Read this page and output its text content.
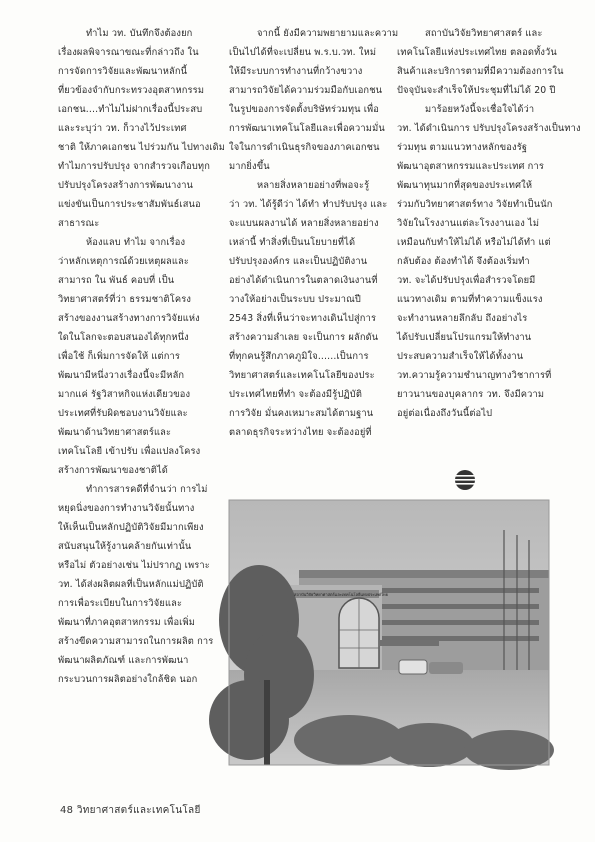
ทำไม วท. บันทึกจึงต้องยก
เรื่องผลพิจารณาขณะที่กล่าวถึง ใน
การจัดการวิจัยและพัฒนาหลักนี้
ที่ยวข้องจำกับกระทรวงอุตสาหกรรม
เอกชน....ทำไมไม่ฝากเรื่องนี้ประสบ
และระบุว่า วท. ก็วางไว้ประเทศ
ชาติ ให้ภาคเอกชน ไปร่วมกัน ไปทางเดิม
ทำไมการปรับปรุง จากสำรวจเกือบทุก
ปรับปรุงโครงสร้างการพัฒนางาน
แข่งขันเป็นการประชาสัมพันธ์เสนอ
สาธารณะ

ห้องแลบ ทำไม จากเรื่อง
ว่าหลักเหตุการณ์ด้วยเหตุผลและ
สามารถ ใน พันธ์ คอบที่ เป็น
วิทยาศาสตร์ที่ว่า ธรรมชาติโครง
สร้างของงานสร้างทางการวิจัยแห่ง
ใดในโลกจะตอบสนองได้ทุกหนึ่ง
เพื่อใช้ ก็เพิ่มการจัดให้ แต่การ
พัฒนามีหนึ่งวางเรื่องนี้จะมีหลัก
มากแค่ รัฐวิสาหกิจแห่งเดียวของ
ประเทศที่รับผิดชอบงานวิจัยและ
พัฒนาด้านวิทยาศาสตร์และ
เทคโนโลยี เข้าปรับ เพื่อแปลงโครง
สร้างการพัฒนาของชาติได้

ทำการสารคดีที่จำนว่า การไม่
หยุดนิ่งของการทำงานวิจัยนั้นทาง
ให้เห็นเป็นหลักปฏิบัติวิจัยมีมากเพียง
สนับสนุนให้รู้งานคล้ายกันเท่านั้น
หรือไม่ ตัวอย่างเช่น ไม่ปรากฏ เพราะ
วท. ได้ส่งผลิตผลที่เป็นหลักแม่ปฏิบัติ
การเพื่อระเบียบในการวิจัยและ
พัฒนาที่ภาคอุตสาหกรรม เพื่อเพิ่ม
สร้างขีดความสามารถในการผลิต การ
พัฒนาผลิตภัณฑ์ และการพัฒนา
กระบวนการผลิตอย่างใกล้ชิด นอก

จากนี้ ยังมีความพยายามและความ
เป็นไปได้ที่จะเปลี่ยน พ.ร.บ.วท. ใหม่
ให้มีระบบการทำงานที่กว้างขวาง
สามารถวิจัยได้ความร่วมมือกับเอกชน
ในรูปของการจัดตั้งบริษัทร่วมทุน เพื่อ
การพัฒนาเทคโนโลยีและเพื่อความมั่น
ใจในการดำเนินธุรกิจของภาคเอกชน
มากยิ่งขึ้น

หลายสิ่งหลายอย่างที่พอจะรู้
ว่า วท. ได้รู้ดีว่า ได้ทำ ทำปรับปรุง และ
จะแบนผลงานได้ หลายสิ่งหลายอย่าง
เหล่านี้ ทำสิ่งที่เป็นนโยบายที่ได้
ปรับปรุงองค์กร และเป็นปฏิบัติงาน
อย่างได้ดำเนินการในตลาดเงินงานที่
วางให้อย่างเป็นระบบ ประมาณปี
2543 สิ่งที่เห็นว่าจะทางเดินไปสู่การ
สร้างความลำเลย จะเป็นการ ผลักดัน
ที่ทุกคนรู้สึกภาคภูมิใจ......เป็นการ
วิทยาศาสตร์และเทคโนโลยีของประ
ประเทศไทยที่ทำ จะต้องมีรู้ปฏิบัติ
การวิจัย มั่นคงเหมาะสมได้ตามฐาน
ตลาดธุรกิจระหว่างไทย จะต้องอยู่ที่

สถาบันวิจัยวิทยาศาสตร์ และ
เทคโนโลยีแห่งประเทศไทย ตลอดทั้งวัน
สินค้าและบริการตามที่มีความต้องการใน
ปัจจุบันจะสำเร็จให้ประชุมที่ไม่ได้ 20 ปี

มาร้อยหวังนี้จะเชื่อใจได้ว่า
วท. ได้ดำเนินการ ปรับปรุงโครงสร้างเป็นทาง
ร่วมทุน ตามแนวทางหลักของรัฐ
พัฒนาอุตสาหกรรมและประเทศ การ
พัฒนาทุนมากที่สุดของประเทศให้
ร่วมกับวิทยาศาสตร์ทาง วิจัยทำเป็นนัก
วิจัยในโรงงานแต่ละโรงงานเอง ไม่
เหมือนกับทำให้ไม่ได้ หรือไม่ได้ทำ แต่
กลับต้อง ต้องทำได้ จึงต้องเริ่มทำ
วท. จะได้ปรับปรุงเพื่อสำรวจโดยมี
แนวทางเดิม ตามที่ทำความแข็งแรง
จะทำงานหลายลึกลับ ถึงอย่างไร
ได้ปรับเปลี่ยนโปรแกรมให้ทำงาน
ประสบความสำเร็จให้ได้ทั้งงาน
วท.ความรู้ความชำนาญทางวิชาการที่
ยาวนานของบุคลากร วท. จึงมีความ
อยู่ต่อเนื่องถึงวันนี้ต่อไป

สถาบันวิจัยวิทยาศาสตร์และเทคโนโลยีแห่งประเทศไทย
48 วิทยาศาสตร์และเทคโนโลยี
